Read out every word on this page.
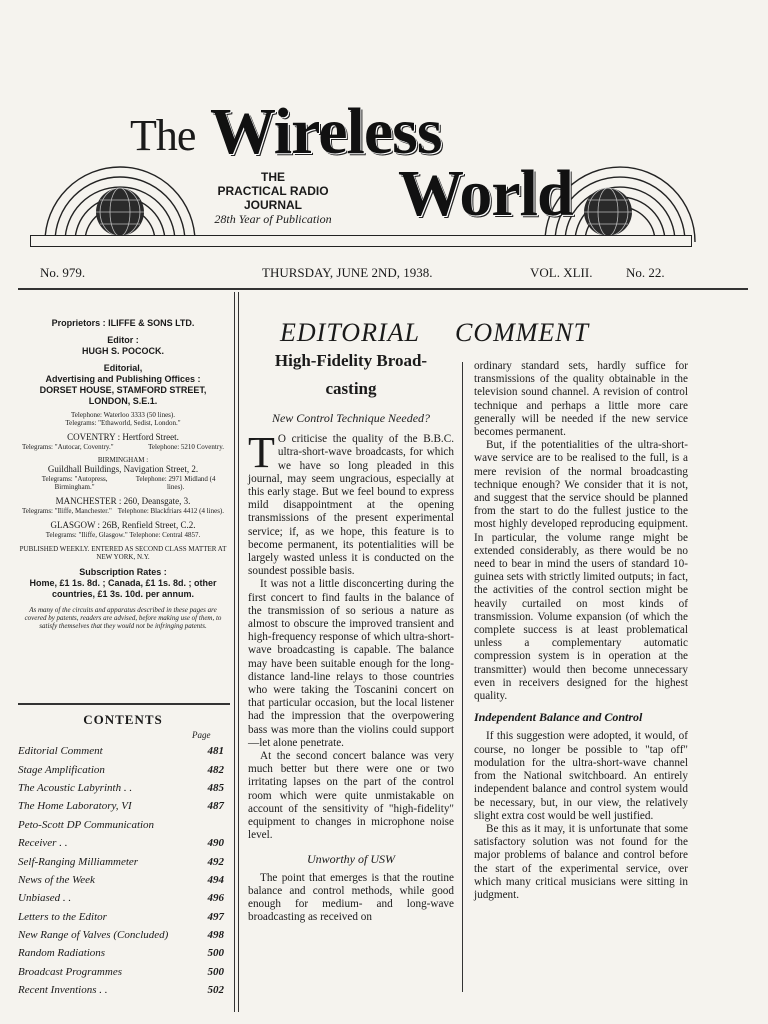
The Wireless
World
THE
PRACTICAL RADIO
JOURNAL
28th Year of Publication
No. 979.	THURSDAY, JUNE 2ND, 1938.	VOL. XLII.	No. 22.
Proprietors : ILIFFE & SONS LTD.
Editor :
HUGH S. POCOCK.
Editorial,
Advertising and Publishing Offices :
DORSET HOUSE, STAMFORD STREET,
LONDON, S.E.1.
Telephone: Waterloo 3333 (50 lines).
Telegrams: "Ethaworld, Sedist, London."
COVENTRY : Hertford Street.
Telegrams: "Autocar, Coventry."	Telephone: 5210 Coventry.
BIRMINGHAM :
Guildhall Buildings, Navigation Street, 2.
Telegrams: "Autopress, Birmingham."
Telephone: 2971 Midland (4 lines).
MANCHESTER : 260, Deansgate, 3.
Telegrams: "Iliffe, Manchester." Telephone: Blackfriars 4412 (4 lines).
GLASGOW : 26B, Renfield Street, C.2.
Telegrams: "Iliffe, Glasgow." Telephone: Central 4857.
PUBLISHED WEEKLY. ENTERED AS SECOND CLASS MATTER AT NEW YORK, N.Y.
Subscription Rates :
Home, £1 1s. 8d. ; Canada, £1 1s. 8d. ; other countries, £1 3s. 10d. per annum.
As many of the circuits and apparatus described in these pages are covered by patents, readers are advised, before making use of them, to satisfy themselves that they would not be infringing patents.
CONTENTS
Page
Editorial Comment	481
Stage Amplification	482
The Acoustic Labyrinth . .	485
The Home Laboratory, VI	487
Peto-Scott DP Communication
Receiver . .	490
Self-Ranging Milliammeter	492
News of the Week	494
Unbiased . .	496
Letters to the Editor	497
New Range of Valves (Concluded)	498
Random Radiations	500
Broadcast Programmes	500
Recent Inventions . .	502
EDITORIAL COMMENT
High-Fidelity Broad-
casting
New Control Technique Needed?

T O criticise the quality of the B.B.C. ultra-short-wave broadcasts, for which we have so long pleaded in this journal, may seem ungracious, especially at this early stage. But we feel bound to express mild disappointment at the opening transmissions of the present experimental service; if, as we hope, this feature is to become permanent, its potentialities will be largely wasted unless it is conducted on the soundest possible basis.

It was not a little disconcerting during the first concert to find faults in the balance of the transmission of so serious a nature as almost to obscure the improved transient and high-frequency response of which ultra-short-wave broadcasting is capable. The balance may have been suitable enough for the long-distance land-line relays to those countries who were taking the Toscanini concert on that particular occasion, but the local listener had the impression that the overpowering bass was more than the violins could support—let alone penetrate.

At the second concert balance was very much better but there were one or two irritating lapses on the part of the control room which were quite unmistakable on account of the sensitivity of "high-fidelity" equipment to changes in microphone noise level.

Unworthy of USW

The point that emerges is that the routine balance and control methods, while good enough for medium- and long-wave broadcasting as received on

ordinary standard sets, hardly suffice for transmissions of the quality obtainable in the television sound channel. A revision of control technique and perhaps a little more care generally will be needed if the new service becomes permanent.

But, if the potentialities of the ultra-short-wave service are to be realised to the full, is a mere revision of the normal broadcasting technique enough? We consider that it is not, and suggest that the service should be planned from the start to do the fullest justice to the most highly developed reproducing equipment. In particular, the volume range might be extended considerably, as there would be no need to bear in mind the users of standard 10-guinea sets with strictly limited outputs; in fact, the activities of the control section might be heavily curtailed on most kinds of transmission. Volume expansion (of which the complete success is at least problematical unless a complementary automatic compression system is in operation at the transmitter) would then become unnecessary even in receivers designed for the highest quality.

Independent Balance and Control

If this suggestion were adopted, it would, of course, no longer be possible to "tap off" modulation for the ultra-short-wave channel from the National switchboard. An entirely independent balance and control system would be necessary, but, in our view, the relatively slight extra cost would be well justified.

Be this as it may, it is unfortunate that some satisfactory solution was not found for the major problems of balance and control before the start of the experimental service, over which many critical musicians were sitting in judgment.
